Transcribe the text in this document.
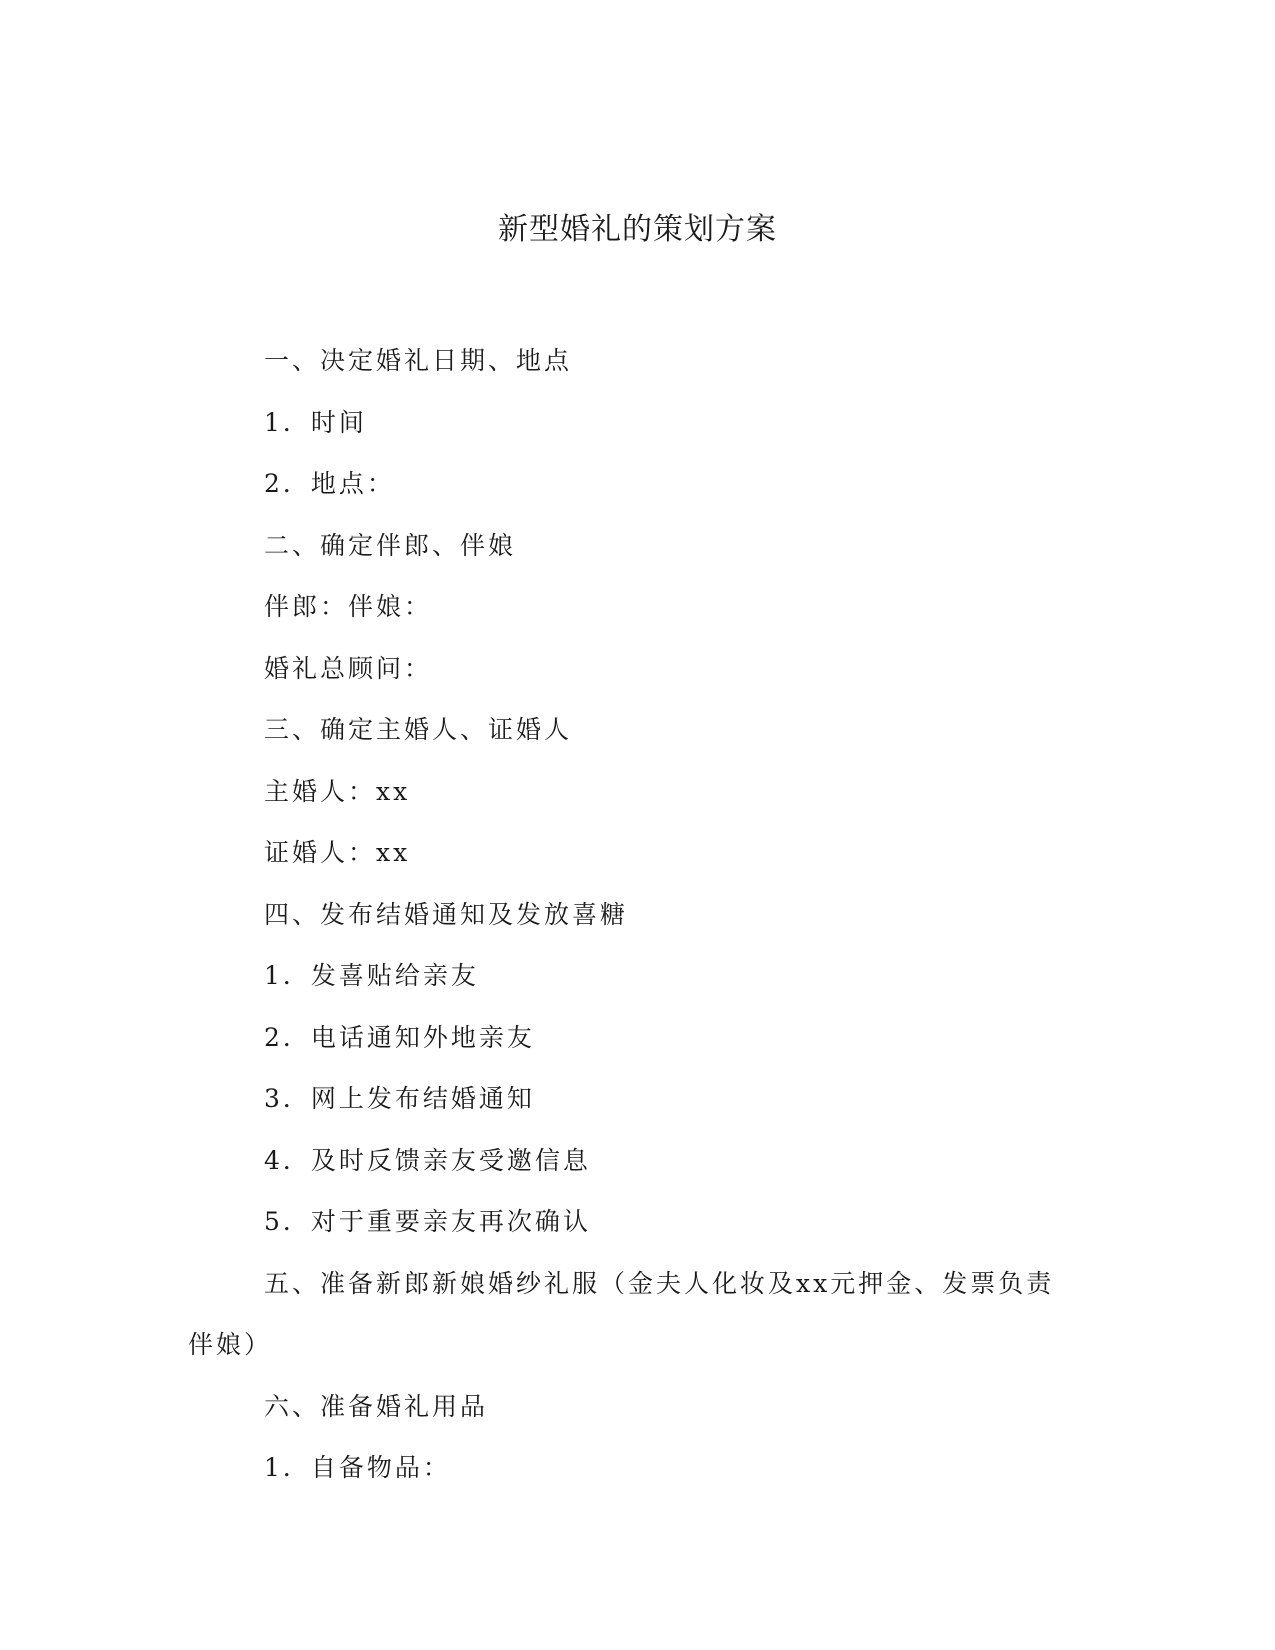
新型婚礼的策划方案

一、决定婚礼日期、地点

1．时间

2．地点：

二、确定伴郎、伴娘

伴郎：伴娘：

婚礼总顾问：

三、确定主婚人、证婚人

主婚人：xx

证婚人：xx

四、发布结婚通知及发放喜糖

1．发喜贴给亲友

2．电话通知外地亲友

3．网上发布结婚通知

4．及时反馈亲友受邀信息

5．对于重要亲友再次确认

五、准备新郎新娘婚纱礼服（金夫人化妆及xx元押金、发票负责伴娘）

六、准备婚礼用品

1．自备物品：
